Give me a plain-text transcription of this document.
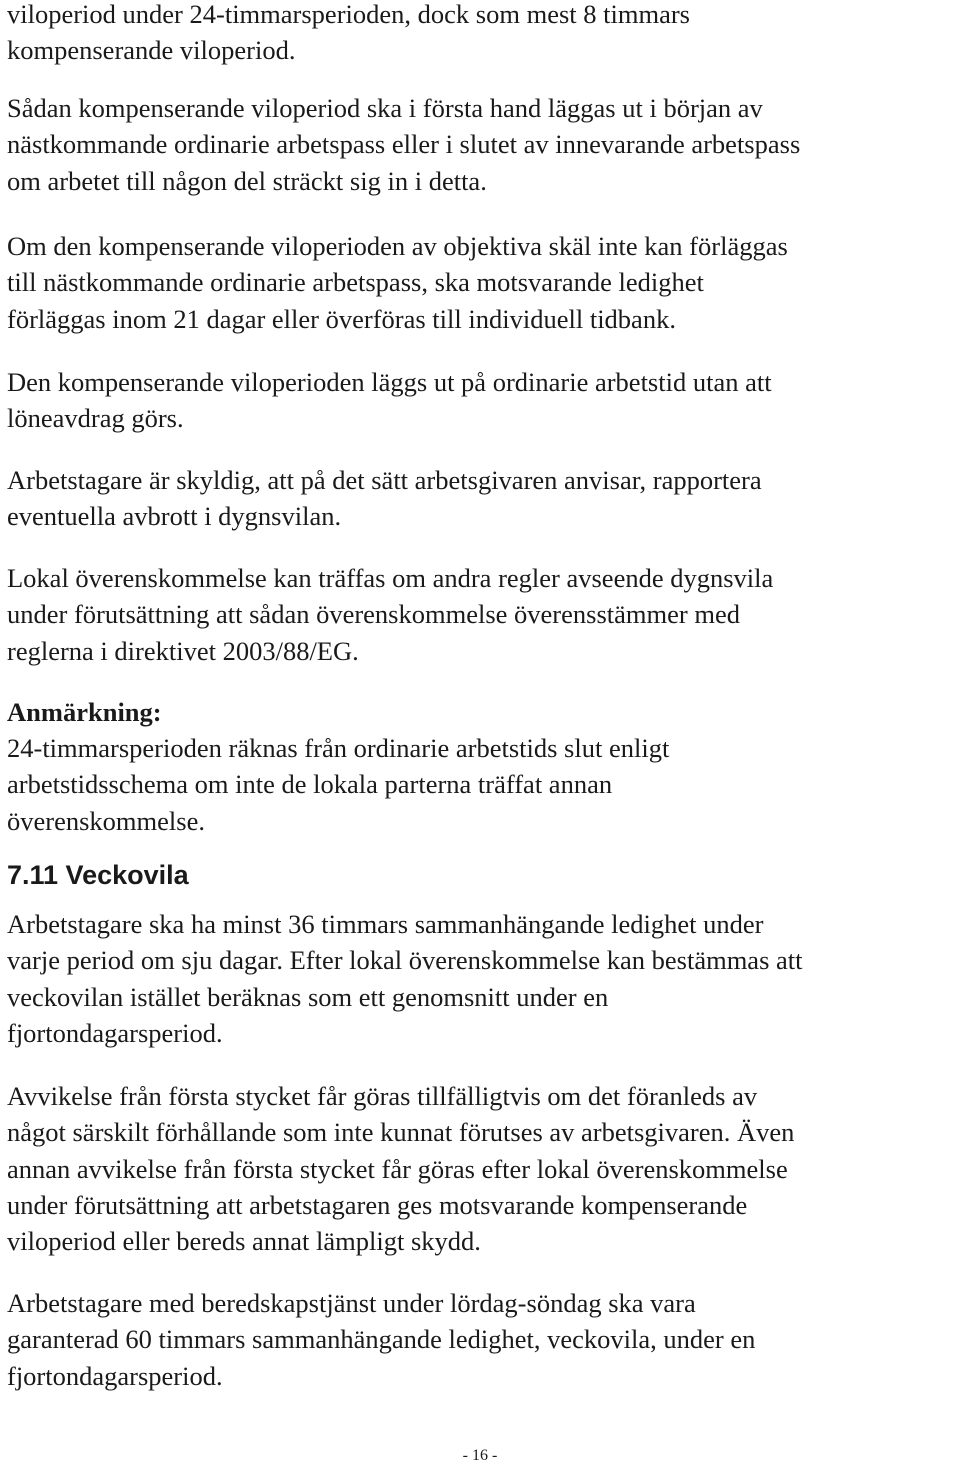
viloperiod under 24-timmarsperioden, dock som mest 8 timmars
kompenserande viloperiod.

Sådan kompenserande viloperiod ska i första hand läggas ut i början av
nästkommande ordinarie arbetspass eller i slutet av innevarande arbetspass
om arbetet till någon del sträckt sig in i detta.

Om den kompenserande viloperioden av objektiva skäl inte kan förläggas
till nästkommande ordinarie arbetspass, ska motsvarande ledighet
förläggas inom 21 dagar eller överföras till individuell tidbank.

Den kompenserande viloperioden läggs ut på ordinarie arbetstid utan att
löneavdrag görs.

Arbetstagare är skyldig, att på det sätt arbetsgivaren anvisar, rapportera
eventuella avbrott i dygnsvilan.

Lokal överenskommelse kan träffas om andra regler avseende dygnsvila
under förutsättning att sådan överenskommelse överensstämmer med
reglerna i direktivet 2003/88/EG.

Anmärkning:

24-timmarsperioden räknas från ordinarie arbetstids slut enligt
arbetstidsschema om inte de lokala parterna träffat annan
överenskommelse.

7.11 Veckovila

Arbetstagare ska ha minst 36 timmars sammanhängande ledighet under
varje period om sju dagar. Efter lokal överenskommelse kan bestämmas att
veckovilan istället beräknas som ett genomsnitt under en
fjortondagarsperiod.

Avvikelse från första stycket får göras tillfälligtvis om det föranleds av
något särskilt förhållande som inte kunnat förutses av arbetsgivaren. Även
annan avvikelse från första stycket får göras efter lokal överenskommelse
under förutsättning att arbetstagaren ges motsvarande kompenserande
viloperiod eller bereds annat lämpligt skydd.

Arbetstagare med beredskapstjänst under lördag-söndag ska vara
garanterad 60 timmars sammanhängande ledighet, veckovila, under en
fjortondagarsperiod.

- 16 -
